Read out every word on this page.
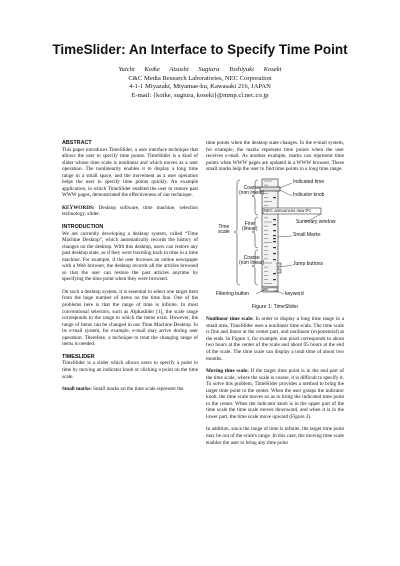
TimeSlider: An Interface to Specify Time Point
Yuichi Koike Atsushi Sugiura Yoshiyuki Koseki
C&C Media Research Laboratories, NEC Corporation
4-1-1 Miyazaki, Miyamae-ku, Kawasaki 216, JAPAN
E-mail: {koike, sugiura, koseki}@mmp.cl.nec.co.jp

ABSTRACT

This paper introduces TimeSlider, a user interface technique that allows the user to specify time points. TimeSlider is a kind of slider whose time scale is nonlinear and which moves as a user operation. The nonlinearity enables it to display a long time range in a small space, and the movement as a user operation helps the user to specify time points quickly. An example application, in which TimeSlider enabled the user to restore past WWW pages, demonstrated the effectiveness of our technique.

KEYWORDS: Desktop software, time machine, selection technology, slider.

INTRODUCTION

We are currently developing a desktop system, called “Time Machine Desktop”, which automatically records the history of changes on the desktop. With this desktop, users can restore any past desktop state, as if they were traveling back in time in a time machine. For example, if the user browses an online newspaper with a Web browser, the desktop records all the articles browsed so that the user can restore the past articles anytime by specifying the time point when they were browsed.

On such a desktop system, it is essential to select one target item from the huge number of items on the time line. One of the problems here is that the range of time is infinite. In most conventional selectors, such as Alphaslider [1], the scale range corresponds to the range in which the items exist. However, the range of items can be changed in our Time Machine Desktop. In its e-mail system, for example, e-mail may arrive during user operation. Therefore, a technique to treat the changing range of items is needed.

TIMESLIDER

TimeSlider is a slider which allows users to specify a point in time by moving an indicator knob or clicking a point on the time scale.

Small marks: Small marks on the time scale represent the

time points when the desktop state changes. In the e-mail system, for example, the marks represent time points when the user receives e-mail. As another example, marks can represent time points when WWW pages are updated in a WWW browser. These small marks help the user to find time points in a long time range.

Coarse
(non linear)
Fine
(linear)
Coarse
(non linear)
Time
scale
Indicated time
Indicator knob
NEC announces new PC
Summary window
Small Marks
Jump buttons
Filtering button	keyword
Figure 1: TimeSlider

Nonlinear time scale: In order to display a long time range in a small area, TimeSlider uses a nonlinear time scale. The time scale is fine and linear at the center part, and nonlinear (exponential) at the ends. In Figure 1, for example, one pixel corresponds to about two hours at the center of the scale and about 65 hours at the end of the scale. The time scale can display a total time of about two months.

Moving time scale: If the target time point is in the end part of the time scale, where the scale is coarse, it is difficult to specify it. To solve this problem, TimeSlider provides a method to bring the target time point to the center. When the user grasps the indicator knob, the time scale moves so as to bring the indicated time point to the center. When the indicator knob is in the upper part of the time scale the time scale moves downward, and when it is in the lower part, the time scale move upward (Figure 2).

In addition, since the range of time is infinite, the target time point may be out of the scale's range. In this case, the moving time scale enables the user to bring any time point
